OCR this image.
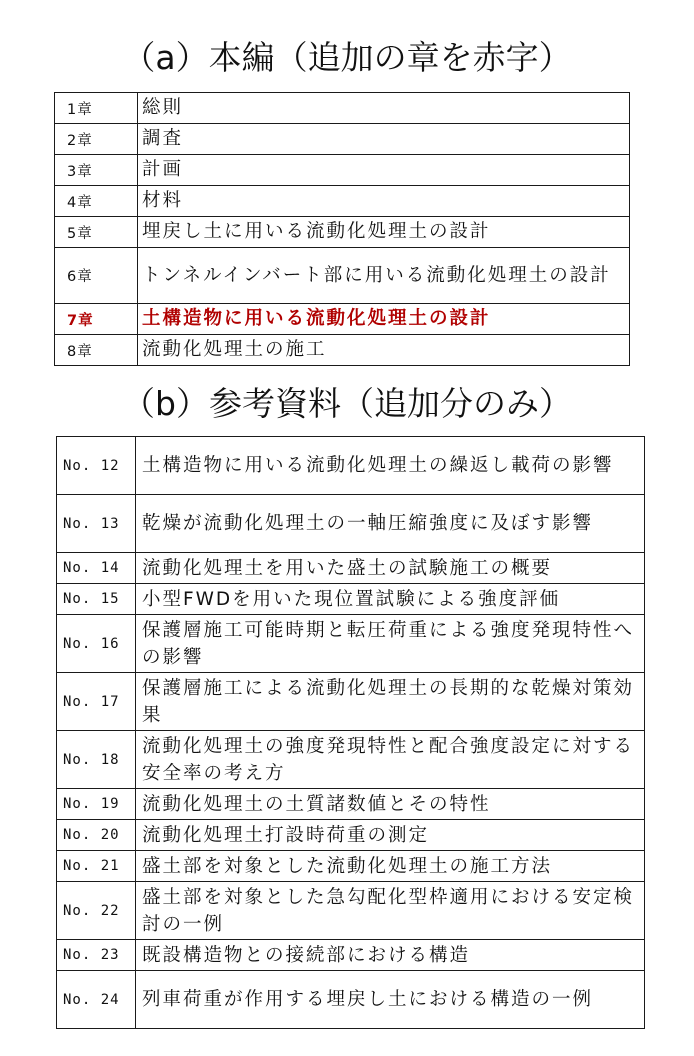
（a）本編（追加の章を赤字）
1章	総則
2章	調査
3章	計画
4章	材料
5章	埋戻し土に用いる流動化処理土の設計
6章	トンネルインバート部に用いる流動化処理土の設計
7章	土構造物に用いる流動化処理土の設計
8章	流動化処理土の施工
（b）参考資料（追加分のみ）
No. 12	土構造物に用いる流動化処理土の繰返し載荷の影響
No. 13	乾燥が流動化処理土の一軸圧縮強度に及ぼす影響
No. 14	流動化処理土を用いた盛土の試験施工の概要
No. 15	小型FWDを用いた現位置試験による強度評価
No. 16	保護層施工可能時期と転圧荷重による強度発現特性への影響
No. 17	保護層施工による流動化処理土の長期的な乾燥対策効果
No. 18	流動化処理土の強度発現特性と配合強度設定に対する安全率の考え方
No. 19	流動化処理土の土質諸数値とその特性
No. 20	流動化処理土打設時荷重の測定
No. 21	盛土部を対象とした流動化処理土の施工方法
No. 22	盛土部を対象とした急勾配化型枠適用における安定検討の一例
No. 23	既設構造物との接続部における構造
No. 24	列車荷重が作用する埋戻し土における構造の一例
